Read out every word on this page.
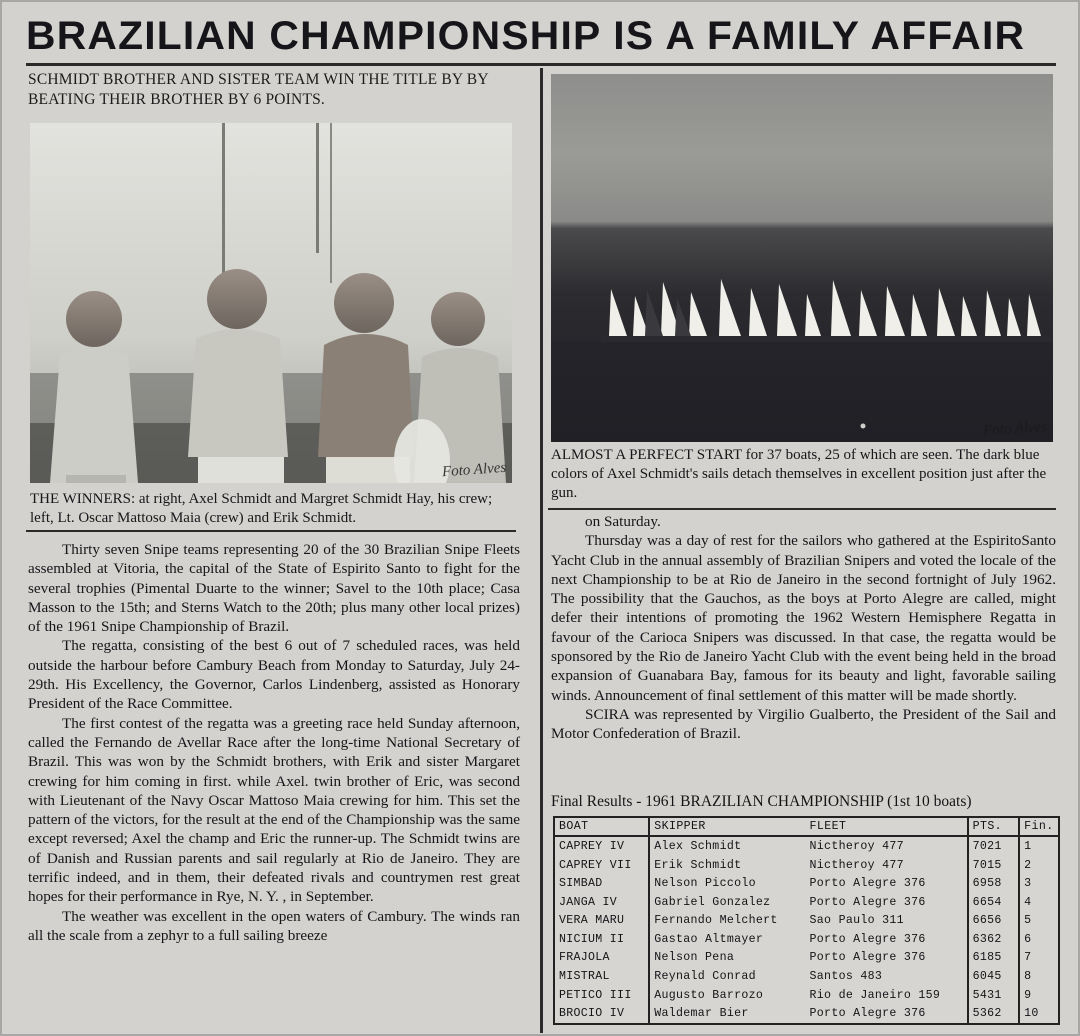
BRAZILIAN CHAMPIONSHIP IS A FAMILY AFFAIR
SCHMIDT BROTHER AND SISTER TEAM WIN THE TITLE BY BY BEATING THEIR BROTHER BY 6 POINTS.
Foto Alves
THE WINNERS: at right, Axel Schmidt and Margret Schmidt Hay, his crew; left, Lt. Oscar Mattoso Maia (crew) and Erik Schmidt.
Foto Alves
ALMOST A PERFECT START for 37 boats, 25 of which are seen. The dark blue colors of Axel Schmidt's sails detach themselves in excellent position just after the gun.

Thirty seven Snipe teams representing 20 of the 30 Brazilian Snipe Fleets assembled at Vitoria, the capital of the State of Espirito Santo to fight for the several trophies (Pimental Duarte to the winner; Savel to the 10th place; Casa Masson to the 15th; and Sterns Watch to the 20th; plus many other local prizes) of the 1961 Snipe Championship of Brazil.

The regatta, consisting of the best 6 out of 7 scheduled races, was held outside the harbour before Cambury Beach from Monday to Saturday, July 24-29th. His Excellency, the Governor, Carlos Lindenberg, assisted as Honorary President of the Race Committee.

The first contest of the regatta was a greeting race held Sunday afternoon, called the Fernando de Avellar Race after the long-time National Secretary of Brazil. This was won by the Schmidt brothers, with Erik and sister Margaret crewing for him coming in first. while Axel. twin brother of Eric, was second with Lieutenant of the Navy Oscar Mattoso Maia crewing for him. This set the pattern of the victors, for the result at the end of the Championship was the same except reversed; Axel the champ and Eric the runner-up. The Schmidt twins are of Danish and Russian parents and sail regularly at Rio de Janeiro. They are terrific indeed, and in them, their defeated rivals and countrymen rest great hopes for their performance in Rye, N. Y. , in September.

The weather was excellent in the open waters of Cambury. The winds ran all the scale from a zephyr to a full sailing breeze

on Saturday.

Thursday was a day of rest for the sailors who gathered at the EspiritoSanto Yacht Club in the annual assembly of Brazilian Snipers and voted the locale of the next Championship to be at Rio de Janeiro in the second fortnight of July 1962. The possibility that the Gauchos, as the boys at Porto Alegre are called, might defer their intentions of promoting the 1962 Western Hemisphere Regatta in favour of the Carioca Snipers was discussed. In that case, the regatta would be sponsored by the Rio de Janeiro Yacht Club with the event being held in the broad expansion of Guanabara Bay, famous for its beauty and light, favorable sailing winds. Announcement of final settlement of this matter will be made shortly.

SCIRA was represented by Virgilio Gualberto, the President of the Sail and Motor Confederation of Brazil.

Final Results - 1961 BRAZILIAN CHAMPIONSHIP (1st 10 boats)
BOAT	SKIPPER	FLEET	PTS.	Fin.
CAPREY IV	Alex Schmidt	Nictheroy 477	7021	1
CAPREY VII	Erik Schmidt	Nictheroy 477	7015	2
SIMBAD	Nelson Piccolo	Porto Alegre 376	6958	3
JANGA IV	Gabriel Gonzalez	Porto Alegre 376	6654	4
VERA MARU	Fernando Melchert	Sao Paulo 311	6656	5
NICIUM II	Gastao Altmayer	Porto Alegre 376	6362	6
FRAJOLA	Nelson Pena	Porto Alegre 376	6185	7
MISTRAL	Reynald Conrad	Santos 483	6045	8
PETICO III	Augusto Barrozo	Rio de Janeiro 159	5431	9
BROCIO IV	Waldemar Bier	Porto Alegre 376	5362	10
